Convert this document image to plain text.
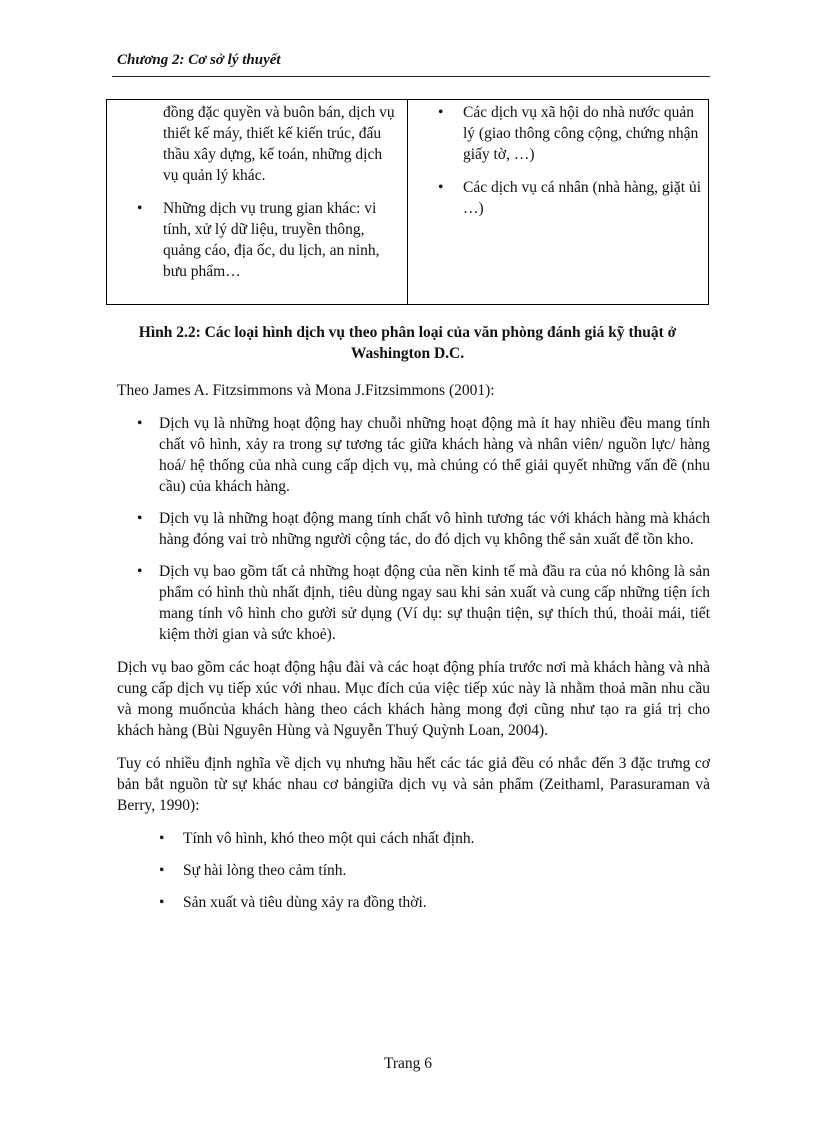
Chương 2: Cơ sở lý thuyết
đồng đặc quyền và buôn bán, dịch vụ thiết kế máy, thiết kế kiến trúc, đấu thầu xây dựng, kế toán, những dịch vụ quản lý khác.
• Những dịch vụ trung gian khác: vi tính, xử lý dữ liệu, truyền thông, quảng cáo, địa ốc, du lịch, an ninh, bưu phẩm…

• Các dịch vụ xã hội do nhà nước quản lý (giao thông công cộng, chứng nhận giấy tờ, …)
• Các dịch vụ cá nhân (nhà hàng, giặt ủi …)
Hình 2.2: Các loại hình dịch vụ theo phân loại của văn phòng đánh giá kỹ thuật ở Washington D.C.

Theo James A. Fitzsimmons và Mona J.Fitzsimmons (2001):

• Dịch vụ là những hoạt động hay chuỗi những hoạt động mà ít hay nhiều đều mang tính chất vô hình, xảy ra trong sự tương tác giữa khách hàng và nhân viên/ nguồn lực/ hàng hoá/ hệ thống của nhà cung cấp dịch vụ, mà chúng có thể giải quyết những vấn đề (nhu cầu) của khách hàng.
• Dịch vụ là những hoạt động mang tính chất vô hình tương tác với khách hàng mà khách hàng đóng vai trò những người cộng tác, do đó dịch vụ không thể sản xuất để tồn kho.
• Dịch vụ bao gồm tất cả những hoạt động của nền kinh tế mà đầu ra của nó không là sản phẩm có hình thù nhất định, tiêu dùng ngay sau khi sản xuất và cung cấp những tiện ích mang tính vô hình cho gười sử dụng (Ví dụ: sự thuận tiện, sự thích thú, thoải mái, tiết kiệm thời gian và sức khoẻ).

Dịch vụ bao gồm các hoạt động hậu đài và các hoạt động phía trước nơi mà khách hàng và nhà cung cấp dịch vụ tiếp xúc với nhau. Mục đích của việc tiếp xúc này là nhằm thoả mãn nhu cầu và mong muốncủa khách hàng theo cách khách hàng mong đợi cũng như tạo ra giá trị cho khách hàng (Bùi Nguyên Hùng và Nguyễn Thuý Quỳnh Loan, 2004).

Tuy có nhiều định nghĩa về dịch vụ nhưng hầu hết các tác giả đều có nhắc đến 3 đặc trưng cơ bản bắt nguồn từ sự khác nhau cơ bảngiữa dịch vụ và sản phẩm (Zeithaml, Parasuraman và Berry, 1990):

• Tính vô hình, khó theo một qui cách nhất định.
• Sự hài lòng theo cảm tính.
• Sản xuất và tiêu dùng xảy ra đồng thời.
Trang 6
